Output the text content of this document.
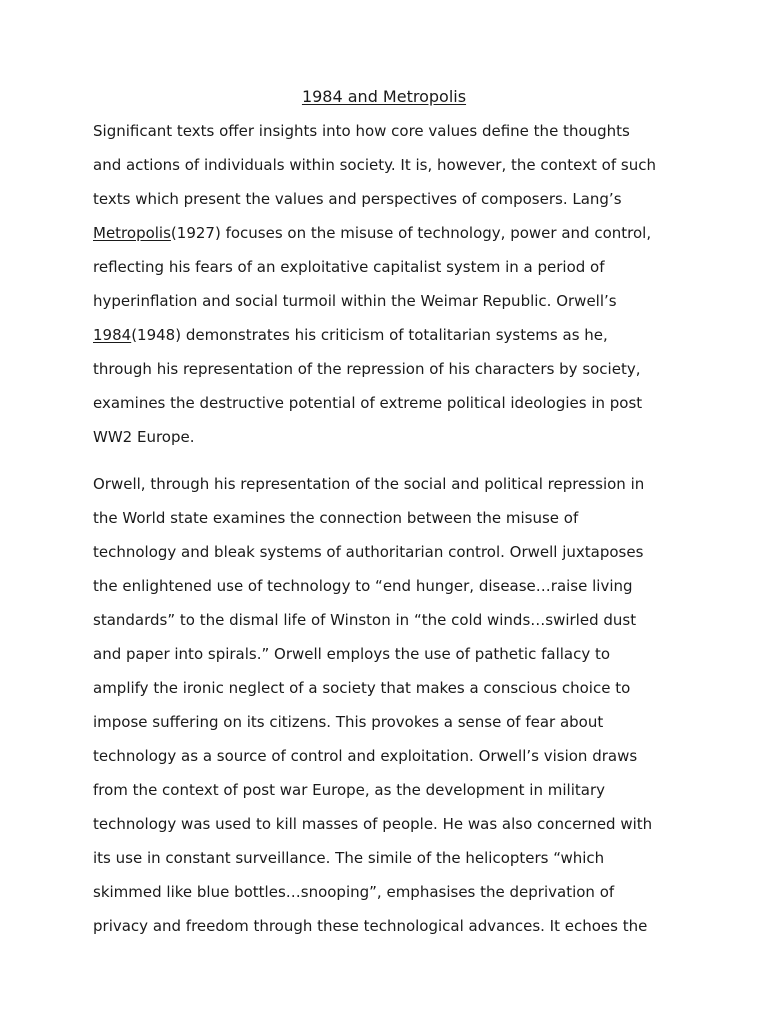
1984 and Metropolis
Significant texts offer insights into how core values define the thoughts
and actions of individuals within society. It is, however, the context of such
texts which present the values and perspectives of composers. Lang’s
Metropolis(1927) focuses on the misuse of technology, power and control,
reflecting his fears of an exploitative capitalist system in a period of
hyperinflation and social turmoil within the Weimar Republic. Orwell’s
1984(1948) demonstrates his criticism of totalitarian systems as he,
through his representation of the repression of his characters by society,
examines the destructive potential of extreme political ideologies in post
WW2 Europe.
Orwell, through his representation of the social and political repression in
the World state examines the connection between the misuse of
technology and bleak systems of authoritarian control. Orwell juxtaposes
the enlightened use of technology to “end hunger, disease…raise living
standards” to the dismal life of Winston in “the cold winds…swirled dust
and paper into spirals.” Orwell employs the use of pathetic fallacy to
amplify the ironic neglect of a society that makes a conscious choice to
impose suffering on its citizens. This provokes a sense of fear about
technology as a source of control and exploitation. Orwell’s vision draws
from the context of post war Europe, as the development in military
technology was used to kill masses of people. He was also concerned with
its use in constant surveillance. The simile of the helicopters “which
skimmed like blue bottles…snooping”, emphasises the deprivation of
privacy and freedom through these technological advances. It echoes the
